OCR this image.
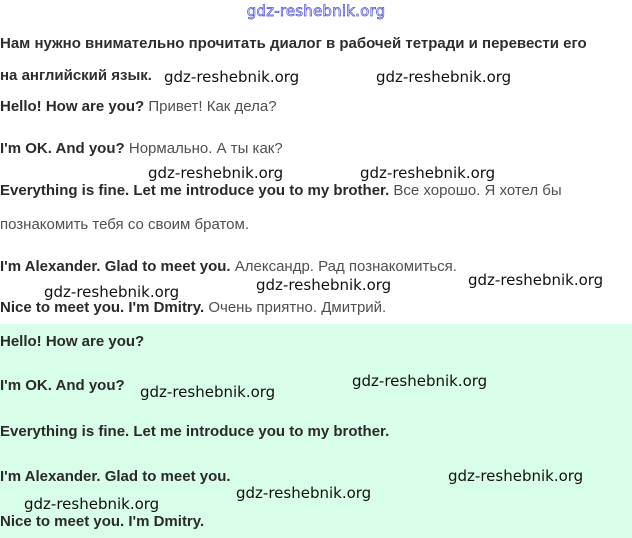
gdz-reshebnik.org
Нам нужно внимательно прочитать диалог в рабочей тетради и перевести его
на английский язык.
Hello! How are you? Привет! Как дела?
I'm OK. And you? Нормально. А ты как?
Everything is fine. Let me introduce you to my brother. Все хорошо. Я хотел бы
познакомить тебя со своим братом.
I'm Alexander. Glad to meet you. Александр. Рад познакомиться.
Nice to meet you. I'm Dmitry. Очень приятно. Дмитрий.
Hello! How are you?
I'm OK. And you?
Everything is fine. Let me introduce you to my brother.
I'm Alexander. Glad to meet you.
Nice to meet you. I'm Dmitry.
gdz-reshebnik.org	gdz-reshebnik.org
gdz-reshebnik.org	gdz-reshebnik.org
gdz-reshebnik.org
gdz-reshebnik.org
gdz-reshebnik.org
gdz-reshebnik.org
gdz-reshebnik.org
gdz-reshebnik.org
gdz-reshebnik.org
gdz-reshebnik.org
